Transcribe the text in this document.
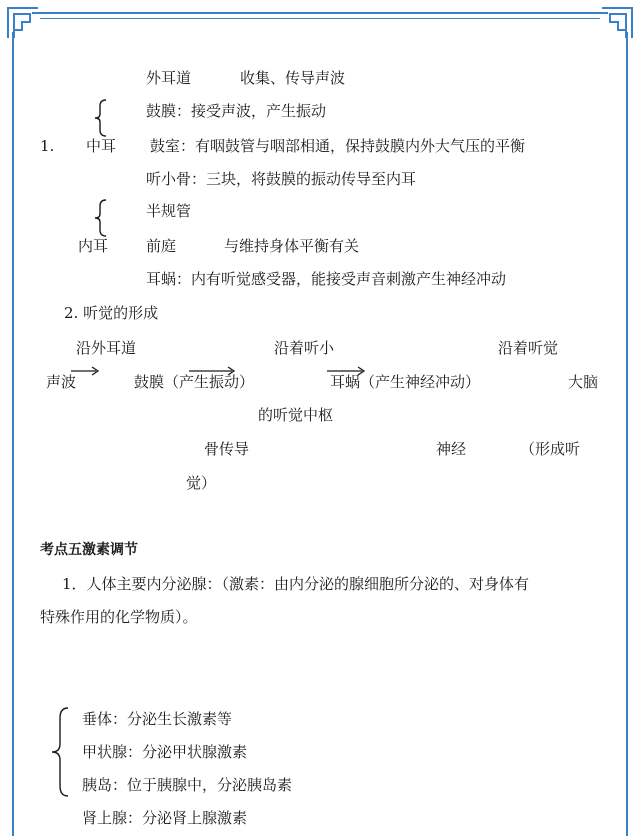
外耳道	收集、传导声波
鼓膜：接受声波，产生振动
1. 中耳 鼓室：有咽鼓管与咽部相通，保持鼓膜内外大气压的平衡
听小骨：三块，将鼓膜的振动传导至内耳
半规管
内耳	前庭	与维持身体平衡有关
耳蜗：内有听觉感受器，能接受声音刺激产生神经冲动
2. 听觉的形成
沿外耳道	沿着听小	沿着听觉
声波	鼓膜（产生振动）	耳蜗（产生神经冲动）	大脑
的听觉中枢
骨传导	神经	（形成听
觉）
考点五激素调节
1．人体主要内分泌腺：（激素：由内分泌的腺细胞所分泌的、对身体有
特殊作用的化学物质）。
垂体：分泌生长激素等
甲状腺：分泌甲状腺激素
胰岛：位于胰腺中，分泌胰岛素
肾上腺：分泌肾上腺激素
